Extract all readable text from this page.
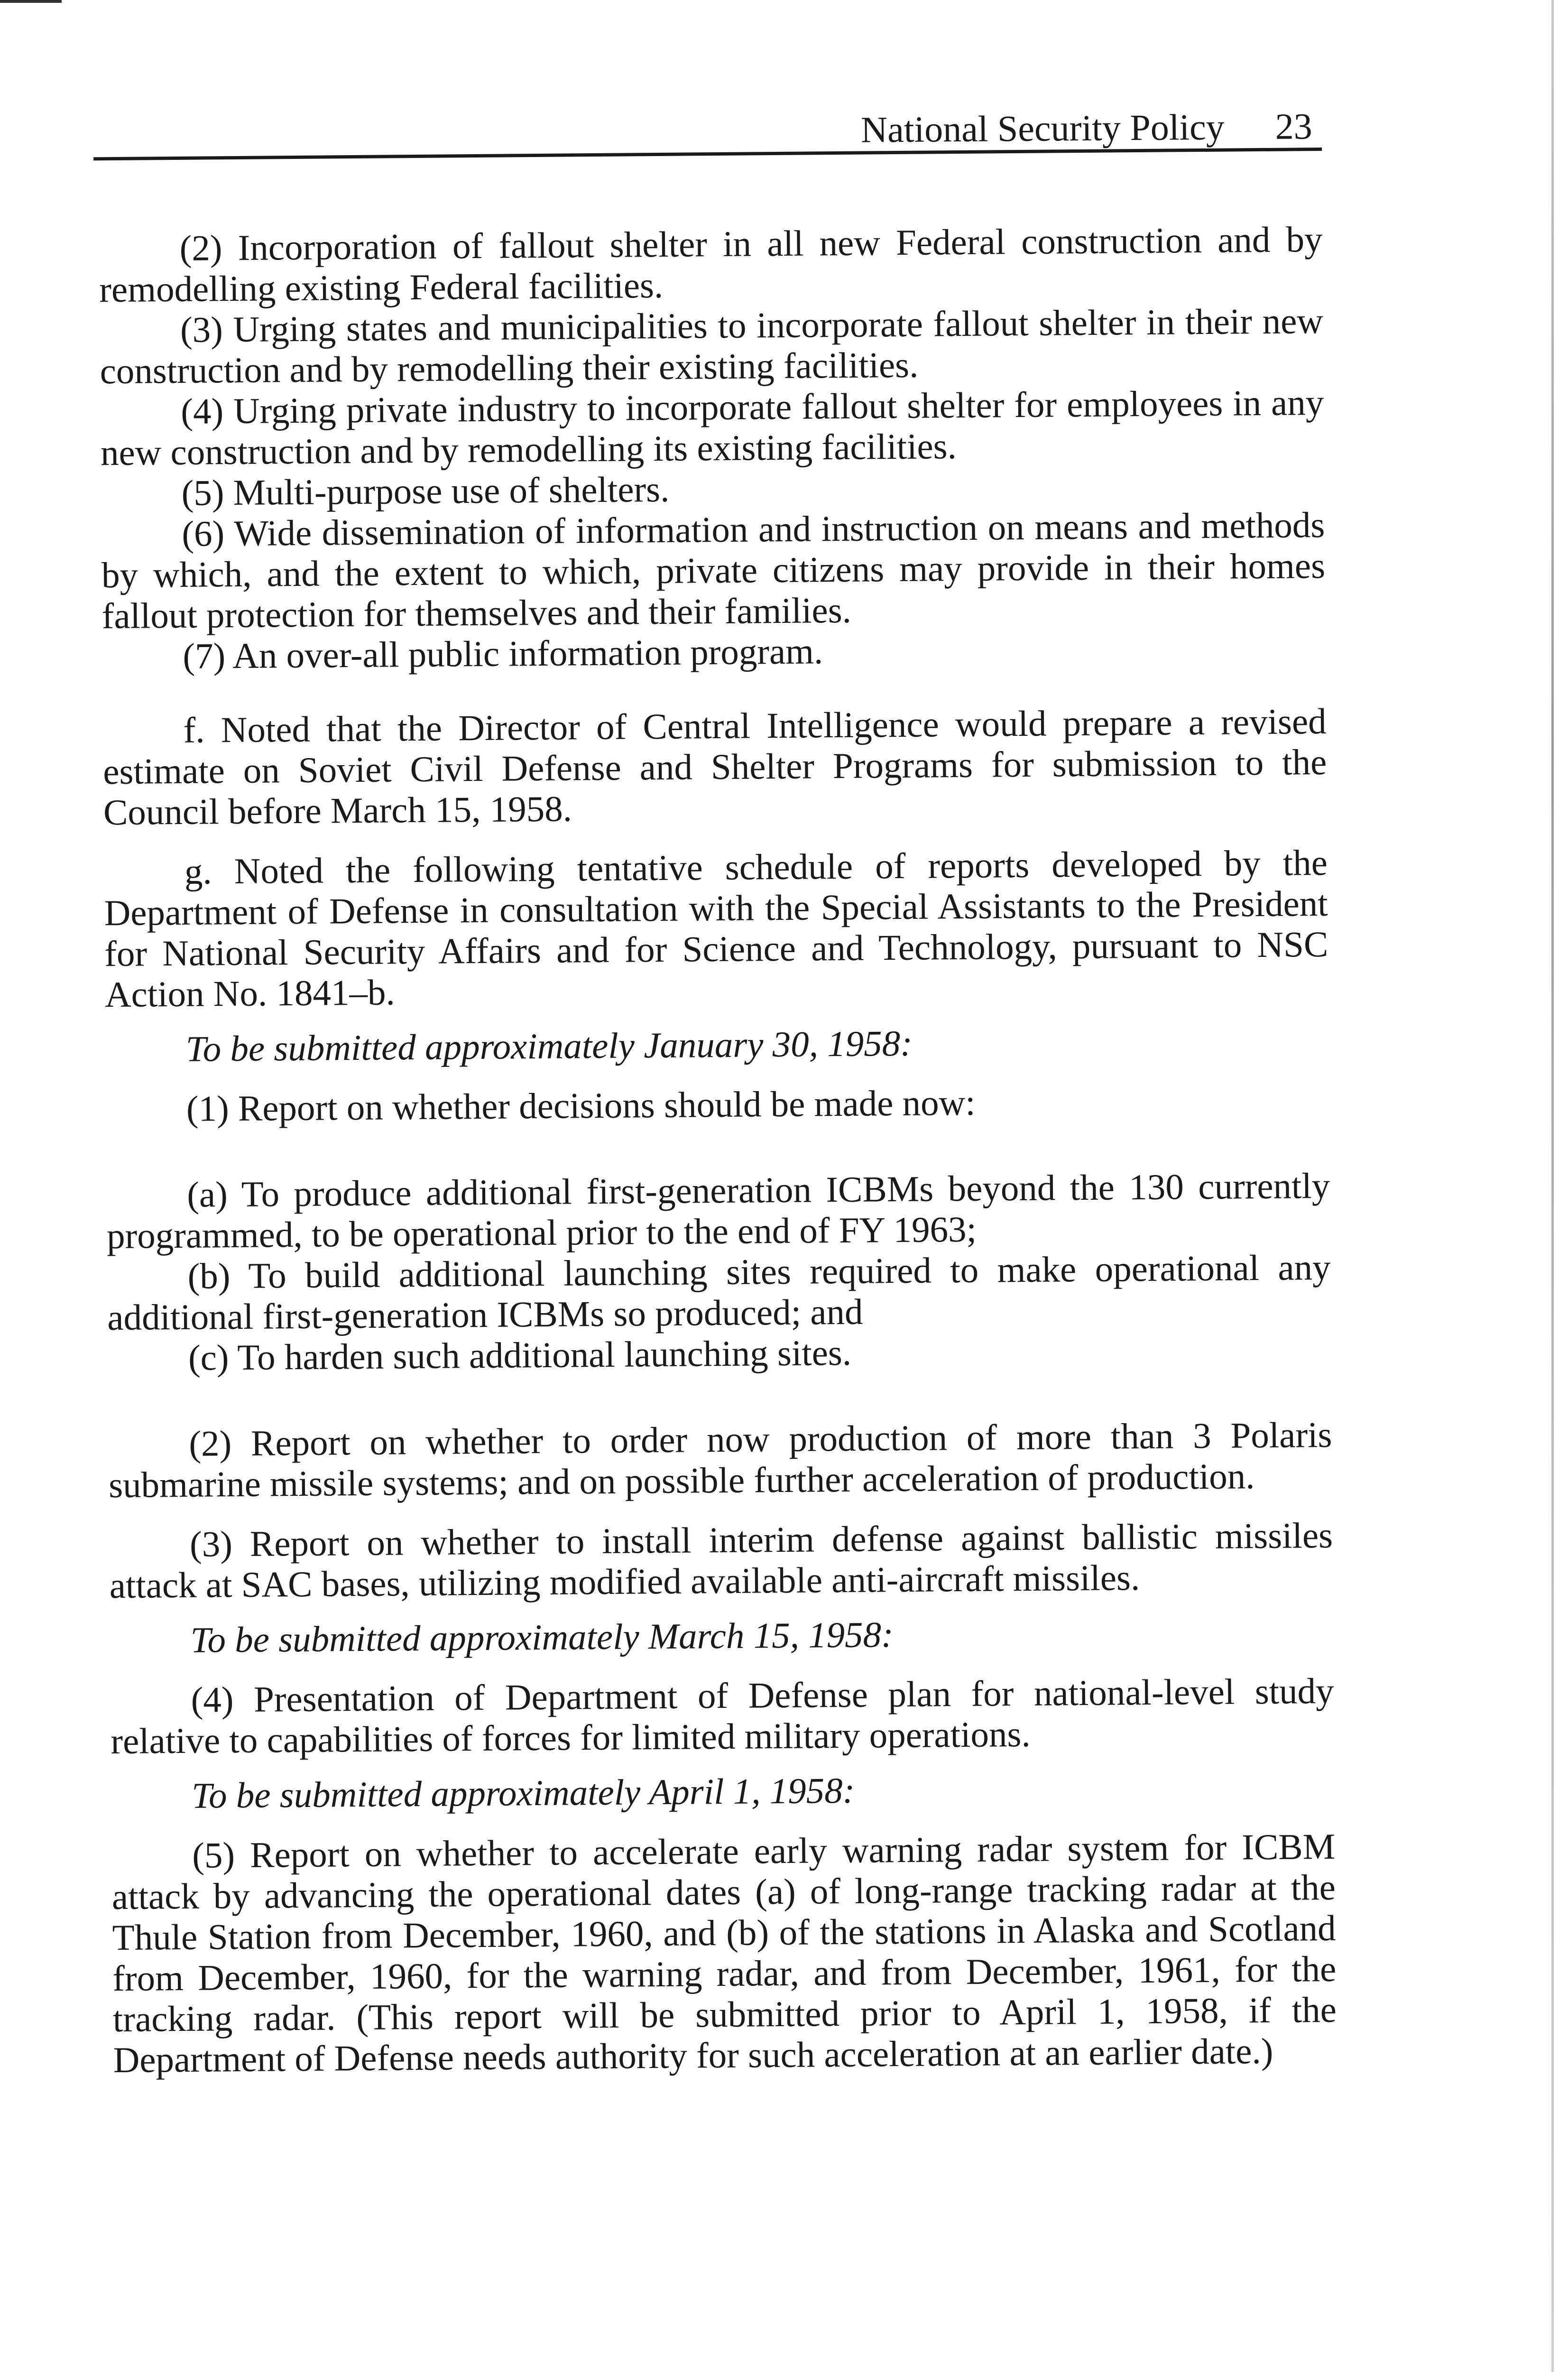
National Security Policy 23

(2) Incorporation of fallout shelter in all new Federal construction and by remodelling existing Federal facilities.

(3) Urging states and municipalities to incorporate fallout shelter in their new construction and by remodelling their existing facilities.

(4) Urging private industry to incorporate fallout shelter for employees in any new construction and by remodelling its existing facilities.

(5) Multi-purpose use of shelters.

(6) Wide dissemination of information and instruction on means and methods by which, and the extent to which, private citizens may provide in their homes fallout protection for themselves and their families.

(7) An over-all public information program.

f. Noted that the Director of Central Intelligence would prepare a revised estimate on Soviet Civil Defense and Shelter Programs for submission to the Council before March 15, 1958.

g. Noted the following tentative schedule of reports developed by the Department of Defense in consultation with the Special Assistants to the President for National Security Affairs and for Science and Technology, pursuant to NSC Action No. 1841–b.

To be submitted approximately January 30, 1958:

(1) Report on whether decisions should be made now:

(a) To produce additional first-generation ICBMs beyond the 130 currently programmed, to be operational prior to the end of FY 1963;

(b) To build additional launching sites required to make operational any additional first-generation ICBMs so produced; and

(c) To harden such additional launching sites.

(2) Report on whether to order now production of more than 3 Polaris submarine missile systems; and on possible further acceleration of production.

(3) Report on whether to install interim defense against ballistic missiles attack at SAC bases, utilizing modified available anti-aircraft missiles.

To be submitted approximately March 15, 1958:

(4) Presentation of Department of Defense plan for national-level study relative to capabilities of forces for limited military operations.

To be submitted approximately April 1, 1958:

(5) Report on whether to accelerate early warning radar system for ICBM attack by advancing the operational dates (a) of long-range tracking radar at the Thule Station from December, 1960, and (b) of the stations in Alaska and Scotland from December, 1960, for the warning radar, and from December, 1961, for the tracking radar. (This report will be submitted prior to April 1, 1958, if the Department of Defense needs authority for such acceleration at an earlier date.)
